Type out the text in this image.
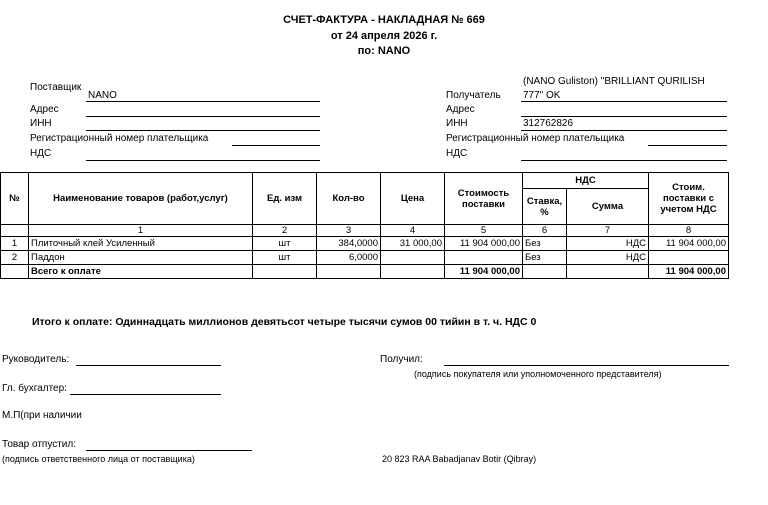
СЧЕТ-ФАКТУРА - НАКЛАДНАЯ № 669
от 24 апреля 2026 г.
по: NANO
Поставщик
NANO
Адрес
ИНН
Регистрационный номер плательщика
НДС
(NANO Guliston) "BRILLIANT QURILISH
Получатель 777" OK
Адрес
ИНН	312762826
Регистрационный номер плательщика
НДС
№	Наименование товаров (работ,услуг)	Ед. изм	Кол-во	Цена	Стоимость поставки	НДС		Стоим. поставки с учетом НДС
						Ставка, %	Сумма	
	1	2	3	4	5	6	7	8
1	Плиточный клей Усиленный	шт	384,0000	31 000,00	11 904 000,00	Без	НДС	11 904 000,00
2	Паддон	шт	6,0000			Без	НДС	
	Всего к оплате				11 904 000,00			11 904 000,00
Итого к оплате: Одиннадцать миллионов девятьсот четыре тысячи сумов 00 тийин в т. ч. НДС 0
Руководитель:	Получил:
(подпись покупателя или уполномоченного представителя)
Гл. бухгалтер:
М.П(при наличии
Товар отпустил:
(подпись ответственного лица от поставщика)	20 823 RAA Babadjanav Botir (Qibray)
